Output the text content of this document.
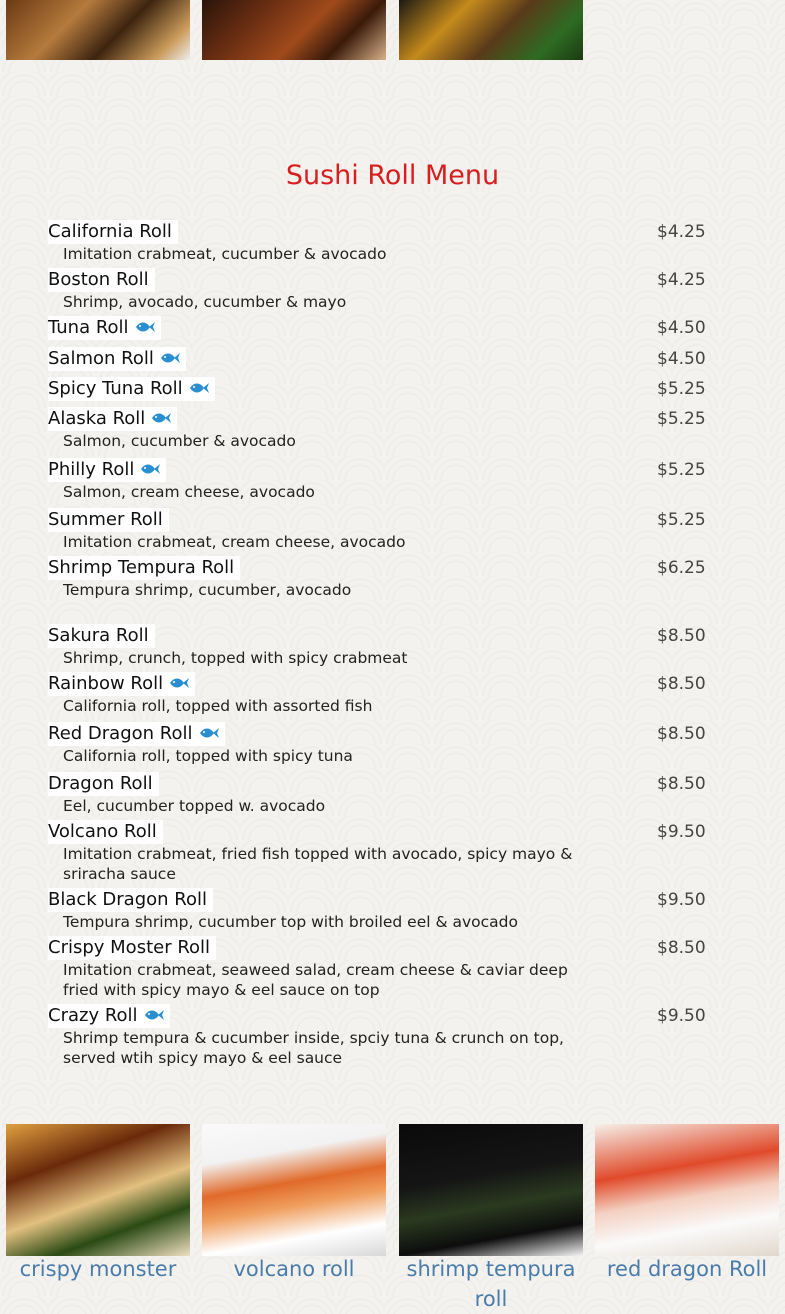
Sushi Roll Menu
California Roll
Imitation crabmeat, cucumber & avocado
$4.25
Boston Roll
Shrimp, avocado, cucumber & mayo
$4.25
Tuna Roll	$4.50
Salmon Roll	$4.50
Spicy Tuna Roll	$5.25
Alaska Roll
Salmon, cucumber & avocado
$5.25
Philly Roll
Salmon, cream cheese, avocado
$5.25
Summer Roll
Imitation crabmeat, cream cheese, avocado
$5.25
Shrimp Tempura Roll
Tempura shrimp, cucumber, avocado
$6.25
Sakura Roll
Shrimp, crunch, topped with spicy crabmeat
$8.50
Rainbow Roll
California roll, topped with assorted fish
$8.50
Red Dragon Roll
California roll, topped with spicy tuna
$8.50
Dragon Roll
Eel, cucumber topped w. avocado
$8.50
Volcano Roll
Imitation crabmeat, fried fish topped with avocado, spicy mayo & sriracha sauce
$9.50
Black Dragon Roll
Tempura shrimp, cucumber top with broiled eel & avocado
$9.50
Crispy Moster Roll
Imitation crabmeat, seaweed salad, cream cheese & caviar deep fried with spicy mayo & eel sauce on top
$8.50
Crazy Roll
Shrimp tempura & cucumber inside, spciy tuna & crunch on top, served wtih spicy mayo & eel sauce
$9.50
crispy monster	volcano roll	shrimp tempura roll
red dragon Roll
